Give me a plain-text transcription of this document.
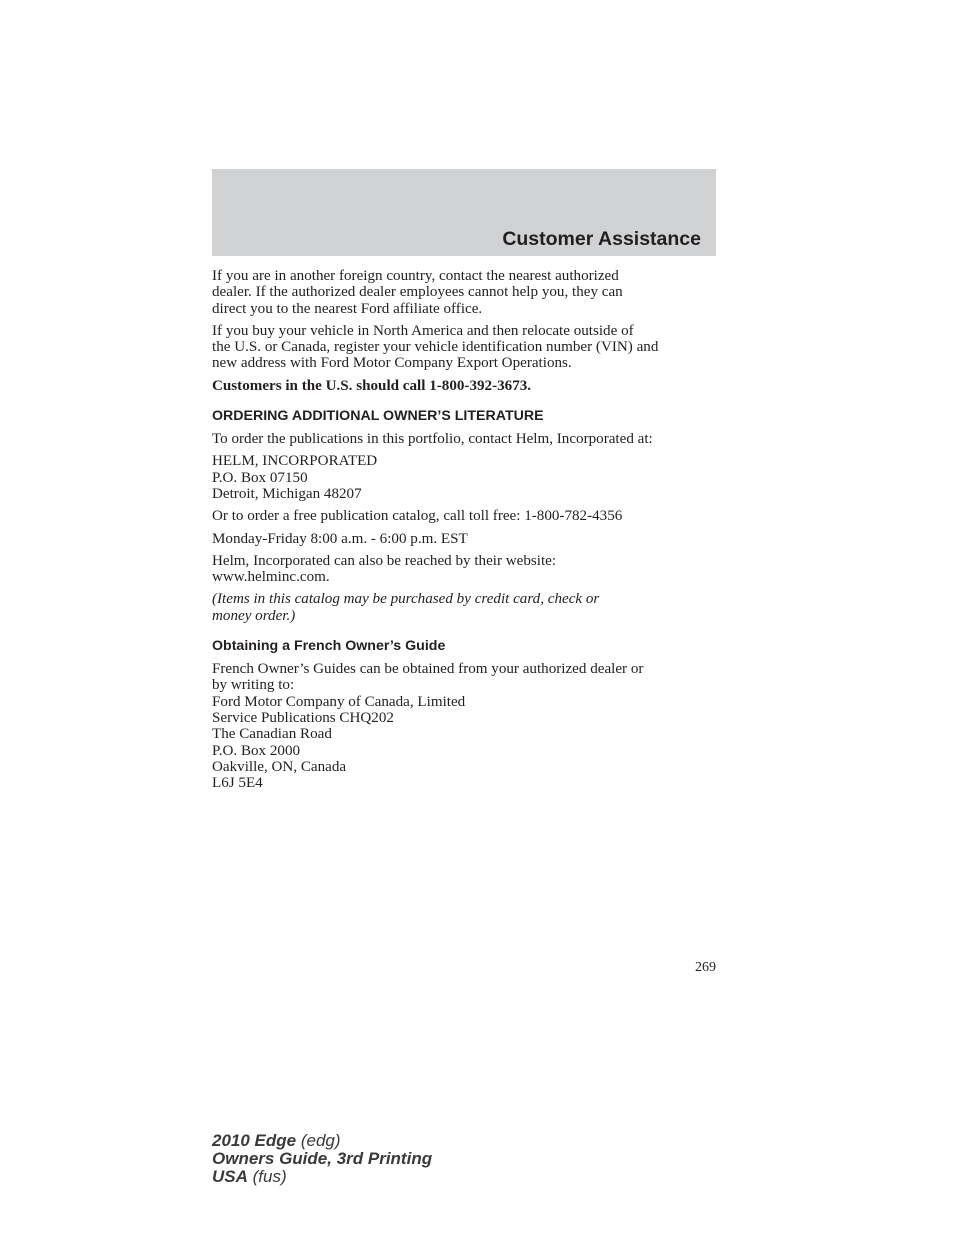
Customer Assistance

If you are in another foreign country, contact the nearest authorized
dealer. If the authorized dealer employees cannot help you, they can
direct you to the nearest Ford affiliate office.

If you buy your vehicle in North America and then relocate outside of
the U.S. or Canada, register your vehicle identification number (VIN) and
new address with Ford Motor Company Export Operations.

Customers in the U.S. should call 1-800-392-3673.

ORDERING ADDITIONAL OWNER’S LITERATURE

To order the publications in this portfolio, contact Helm, Incorporated at:

HELM, INCORPORATED
P.O. Box 07150
Detroit, Michigan 48207

Or to order a free publication catalog, call toll free: 1-800-782-4356

Monday-Friday 8:00 a.m. - 6:00 p.m. EST

Helm, Incorporated can also be reached by their website:
www.helminc.com.

(Items in this catalog may be purchased by credit card, check or
money order.)

Obtaining a French Owner’s Guide

French Owner’s Guides can be obtained from your authorized dealer or
by writing to:
Ford Motor Company of Canada, Limited
Service Publications CHQ202
The Canadian Road
P.O. Box 2000
Oakville, ON, Canada
L6J 5E4

269
2010 Edge (edg)
Owners Guide, 3rd Printing
USA (fus)
